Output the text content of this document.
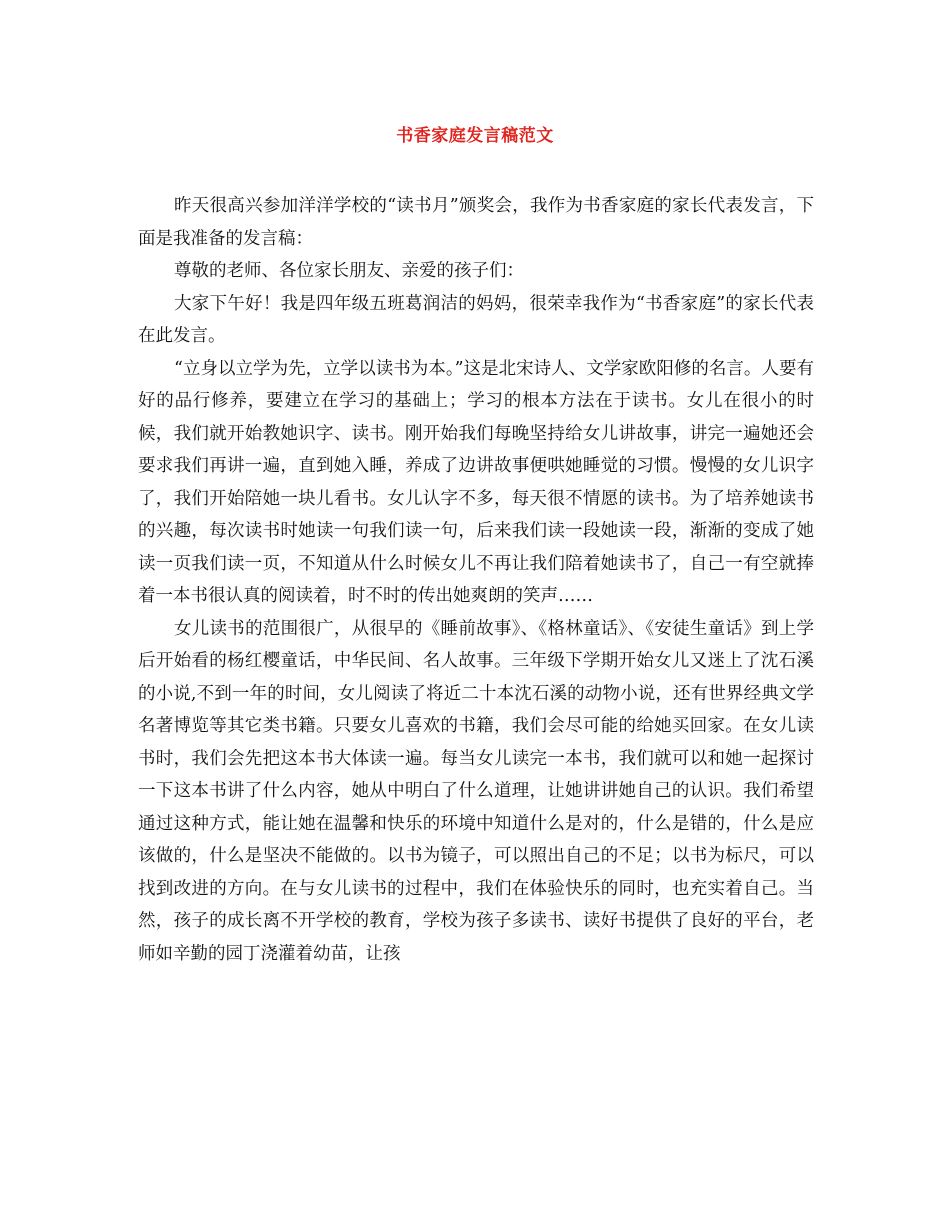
书香家庭发言稿范文

昨天很高兴参加洋洋学校的“读书月”颁奖会，我作为书香家庭的家长代表发言，下面是我准备的发言稿：

尊敬的老师、各位家长朋友、亲爱的孩子们：

大家下午好！我是四年级五班葛润洁的妈妈，很荣幸我作为“书香家庭”的家长代表在此发言。

“立身以立学为先，立学以读书为本。”这是北宋诗人、文学家欧阳修的名言。人要有好的品行修养，要建立在学习的基础上；学习的根本方法在于读书。女儿在很小的时候，我们就开始教她识字、读书。刚开始我们每晚坚持给女儿讲故事，讲完一遍她还会要求我们再讲一遍，直到她入睡，养成了边讲故事便哄她睡觉的习惯。慢慢的女儿识字了，我们开始陪她一块儿看书。女儿认字不多，每天很不情愿的读书。为了培养她读书的兴趣，每次读书时她读一句我们读一句，后来我们读一段她读一段，渐渐的变成了她读一页我们读一页，不知道从什么时候女儿不再让我们陪着她读书了，自己一有空就捧着一本书很认真的阅读着，时不时的传出她爽朗的笑声……

女儿读书的范围很广，从很早的《睡前故事》、《格林童话》、《安徒生童话》到上学后开始看的杨红樱童话，中华民间、名人故事。三年级下学期开始女儿又迷上了沈石溪的小说,不到一年的时间，女儿阅读了将近二十本沈石溪的动物小说，还有世界经典文学名著博览等其它类书籍。只要女儿喜欢的书籍，我们会尽可能的给她买回家。在女儿读书时，我们会先把这本书大体读一遍。每当女儿读完一本书，我们就可以和她一起探讨一下这本书讲了什么内容，她从中明白了什么道理，让她讲讲她自己的认识。我们希望通过这种方式，能让她在温馨和快乐的环境中知道什么是对的，什么是错的，什么是应该做的，什么是坚决不能做的。以书为镜子，可以照出自己的不足；以书为标尺，可以找到改进的方向。在与女儿读书的过程中，我们在体验快乐的同时，也充实着自己。当然，孩子的成长离不开学校的教育，学校为孩子多读书、读好书提供了良好的平台，老师如辛勤的园丁浇灌着幼苗，让孩
